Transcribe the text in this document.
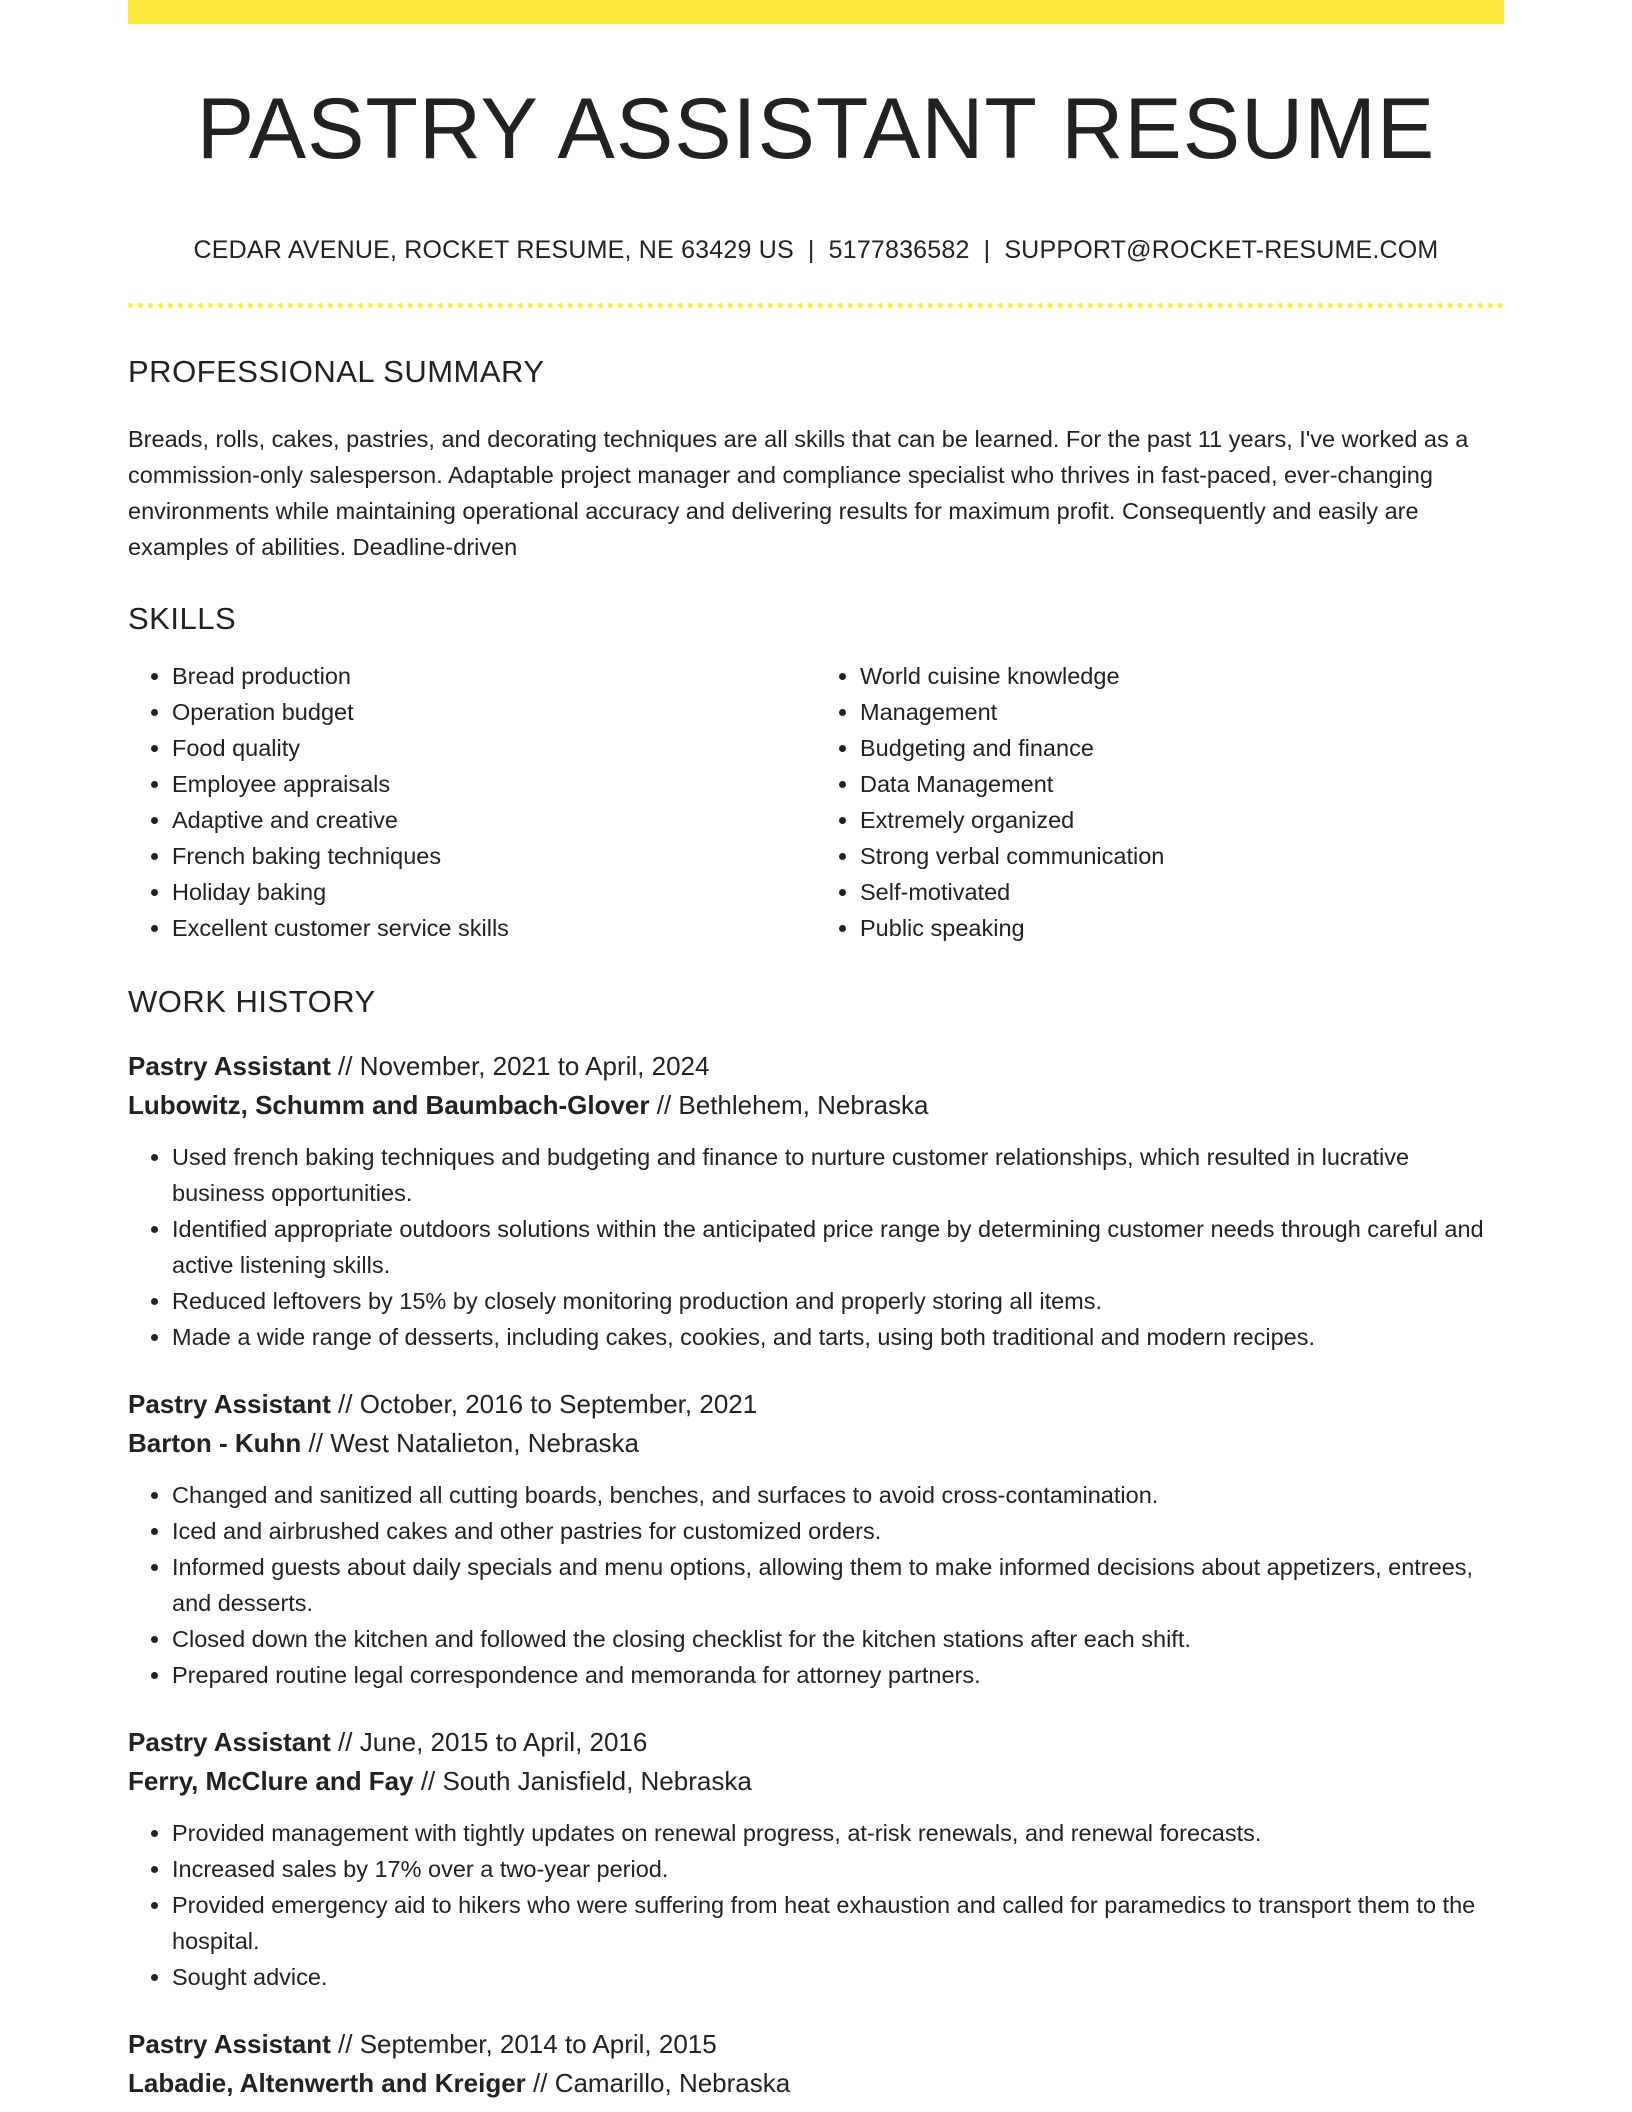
PASTRY ASSISTANT RESUME
CEDAR AVENUE, ROCKET RESUME, NE 63429 US | 5177836582 | SUPPORT@ROCKET-RESUME.COM
PROFESSIONAL SUMMARY
Breads, rolls, cakes, pastries, and decorating techniques are all skills that can be learned. For the past 11 years, I've worked as a commission-only salesperson. Adaptable project manager and compliance specialist who thrives in fast-paced, ever-changing environments while maintaining operational accuracy and delivering results for maximum profit. Consequently and easily are examples of abilities. Deadline-driven
SKILLS
• Bread production
• Operation budget
• Food quality
• Employee appraisals
• Adaptive and creative
• French baking techniques
• Holiday baking
• Excellent customer service skills
• World cuisine knowledge
• Management
• Budgeting and finance
• Data Management
• Extremely organized
• Strong verbal communication
• Self-motivated
• Public speaking
WORK HISTORY
Pastry Assistant // November, 2021 to April, 2024
Lubowitz, Schumm and Baumbach-Glover // Bethlehem, Nebraska
• Used french baking techniques and budgeting and finance to nurture customer relationships, which resulted in lucrative business opportunities.
• Identified appropriate outdoors solutions within the anticipated price range by determining customer needs through careful and active listening skills.
• Reduced leftovers by 15% by closely monitoring production and properly storing all items.
• Made a wide range of desserts, including cakes, cookies, and tarts, using both traditional and modern recipes.
Pastry Assistant // October, 2016 to September, 2021
Barton - Kuhn // West Natalieton, Nebraska
• Changed and sanitized all cutting boards, benches, and surfaces to avoid cross-contamination.
• Iced and airbrushed cakes and other pastries for customized orders.
• Informed guests about daily specials and menu options, allowing them to make informed decisions about appetizers, entrees, and desserts.
• Closed down the kitchen and followed the closing checklist for the kitchen stations after each shift.
• Prepared routine legal correspondence and memoranda for attorney partners.
Pastry Assistant // June, 2015 to April, 2016
Ferry, McClure and Fay // South Janisfield, Nebraska
• Provided management with tightly updates on renewal progress, at-risk renewals, and renewal forecasts.
• Increased sales by 17% over a two-year period.
• Provided emergency aid to hikers who were suffering from heat exhaustion and called for paramedics to transport them to the hospital.
• Sought advice.
Pastry Assistant // September, 2014 to April, 2015
Labadie, Altenwerth and Kreiger // Camarillo, Nebraska
